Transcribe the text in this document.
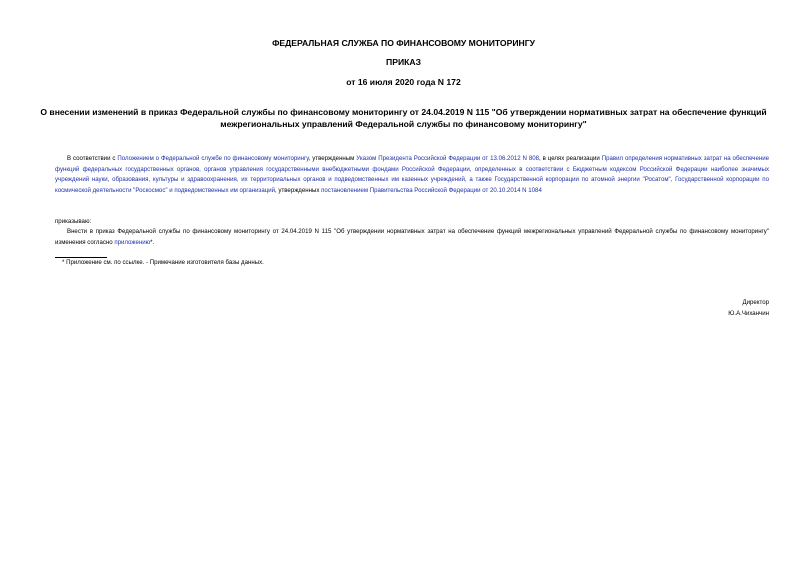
ФЕДЕРАЛЬНАЯ СЛУЖБА ПО ФИНАНСОВОМУ МОНИТОРИНГУ
ПРИКАЗ
от 16 июля 2020 года N 172
О внесении изменений в приказ Федеральной службы по финансовому мониторингу от 24.04.2019 N 115 "Об утверждении нормативных затрат на обеспечение функций межрегиональных управлений Федеральной службы по финансовому мониторингу"
В соответствии с Положением о Федеральной службе по финансовому мониторингу, утвержденным Указом Президента Российской Федерации от 13.06.2012 N 808, в целях реализации Правил определения нормативных затрат на обеспечение функций федеральных государственных органов, органов управления государственными внебюджетными фондами Российской Федерации, определенных в соответствии с Бюджетным кодексом Российской Федерации наиболее значимых учреждений науки, образования, культуры и здравоохранения, их территориальных органов и подведомственных им казенных учреждений, а также Государственной корпорации по атомной энергии "Росатом", Государственной корпорации по космической деятельности "Роскосмос" и подведомственных им организаций, утвержденных постановлением Правительства Российской Федерации от 20.10.2014 N 1084
приказываю:
Внести в приказ Федеральной службы по финансовому мониторингу от 24.04.2019 N 115 "Об утверждении нормативных затрат на обеспечение функций межрегиональных управлений Федеральной службы по финансовому мониторингу" изменения согласно приложению*.
* Приложение см. по ссылке. - Примечание изготовителя базы данных.
Директор
Ю.А.Чиханчин
